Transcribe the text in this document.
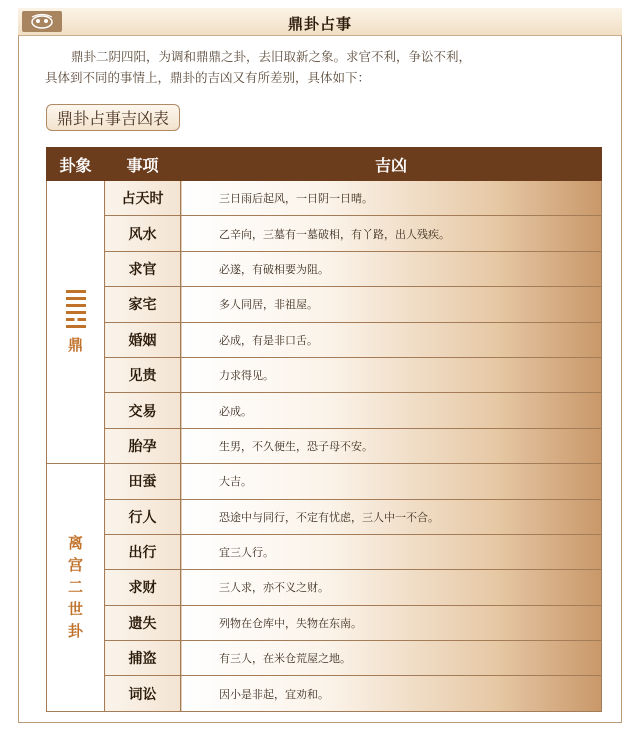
鼎卦占事
鼎卦二阴四阳，为调和鼎鼎之卦，去旧取新之象。求官不利，争讼不利，
具体到不同的事情上，鼎卦的吉凶又有所差别，具体如下：
鼎卦占事吉凶表
卦象	事项	吉凶

鼎	占天时	三日雨后起风，一日阴一日晴。
	风水	乙辛向，三墓有一墓破相，有丫路，出人残疾。
	求官	必遂，有破相要为阻。
	家宅	多人同居，非祖屋。
	婚姻	必成，有是非口舌。
	见贵	力求得见。
	交易	必成。
	胎孕	生男，不久便生，恐子母不安。

离
宫
二
世
卦	田蚕	大吉。
	行人	恐途中与同行，不定有忧虑，三人中一不合。
	出行	宜三人行。
	求财	三人求，亦不义之财。
	遗失	列物在仓库中，失物在东南。
	捕盗	有三人，在米仓荒屋之地。
	词讼	因小是非起，宜劝和。
